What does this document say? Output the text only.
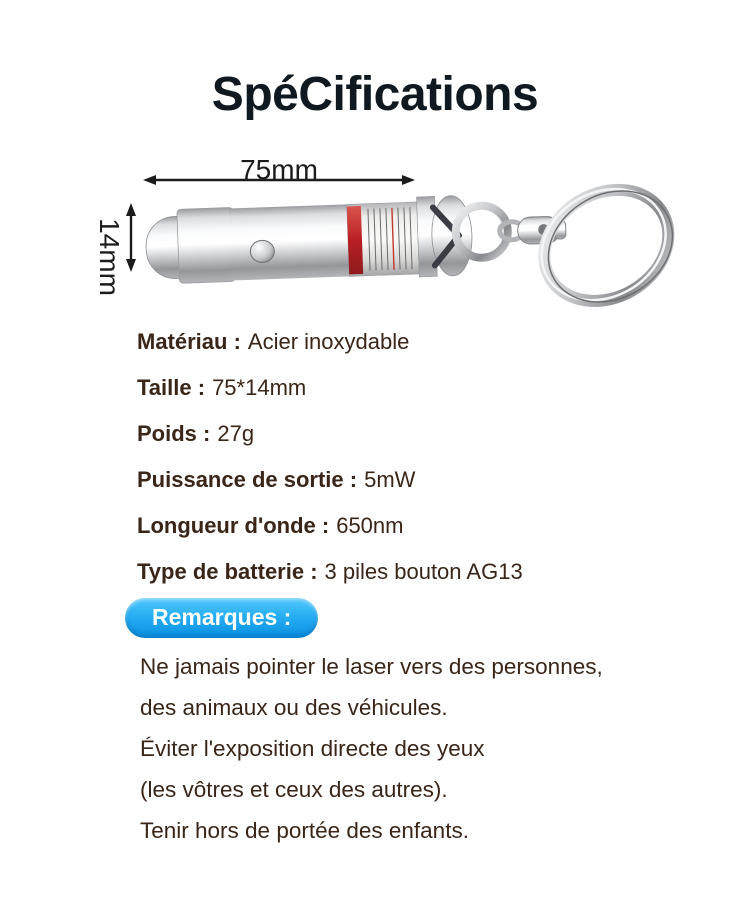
SpéCifications
75mm
14mm

Matériau : Acier inoxydable

Taille : 75*14mm

Poids : 27g

Puissance de sortie : 5mW

Longueur d'onde : 650nm

Type de batterie : 3 piles bouton AG13

Remarques :

Ne jamais pointer le laser vers des personnes,

des animaux ou des véhicules.

Éviter l'exposition directe des yeux

(les vôtres et ceux des autres).

Tenir hors de portée des enfants.
